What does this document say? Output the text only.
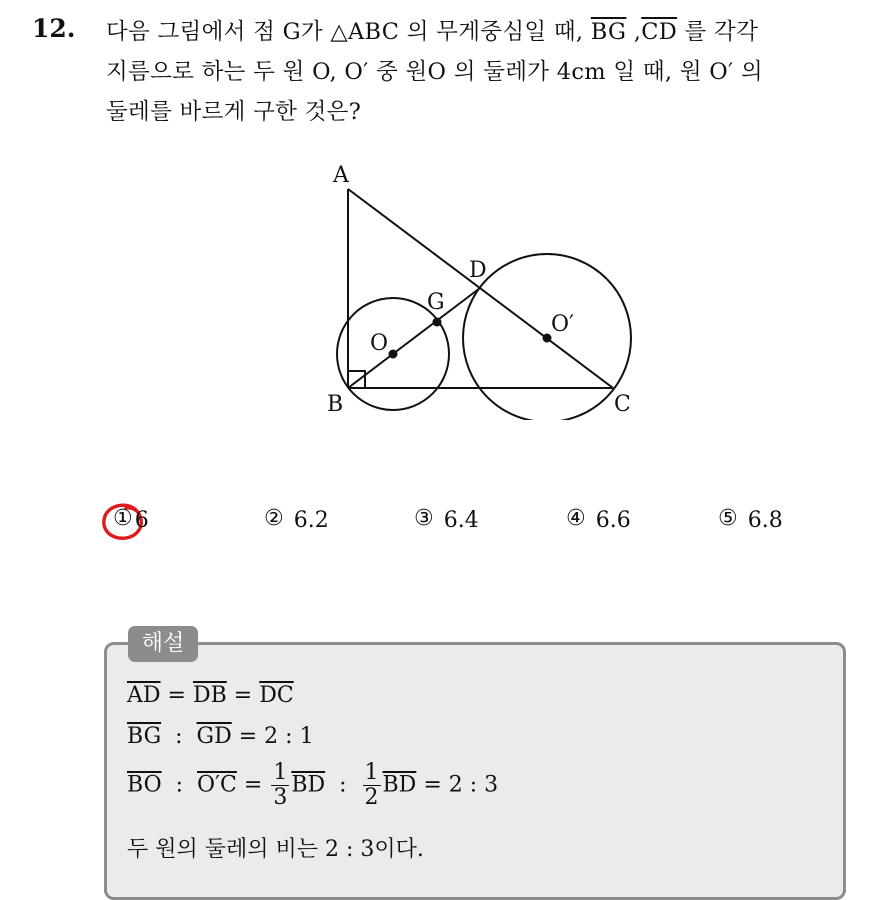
12. 다음 그림에서 점 G가 △ABC 의 무게중심일 때, $\overline{BG}$ $,\overline{CD}$ 를 각각
지름으로 하는 두 원 O, O′ 중 원O 의 둘레가 4cm 일 때, 원 O′ 의
둘레를 바르게 구한 것은?
A
B	C
D
G
O
O′
①6	② 6.2	③ 6.4	④ 6.6	⑤ 6.8
해설
$\overline{AD} = \overline{DB} = \overline{DC}$
$\overline{BG}$  :  $\overline{GD} = 2$ : 1
$\overline{BO}$  :  $O'C = \frac{1}{3} \overline{BD}$  : $\frac{1}{2} \overline{BD} = 2$ : 3
두 원의 둘레의 비는 2 : 3이다.
